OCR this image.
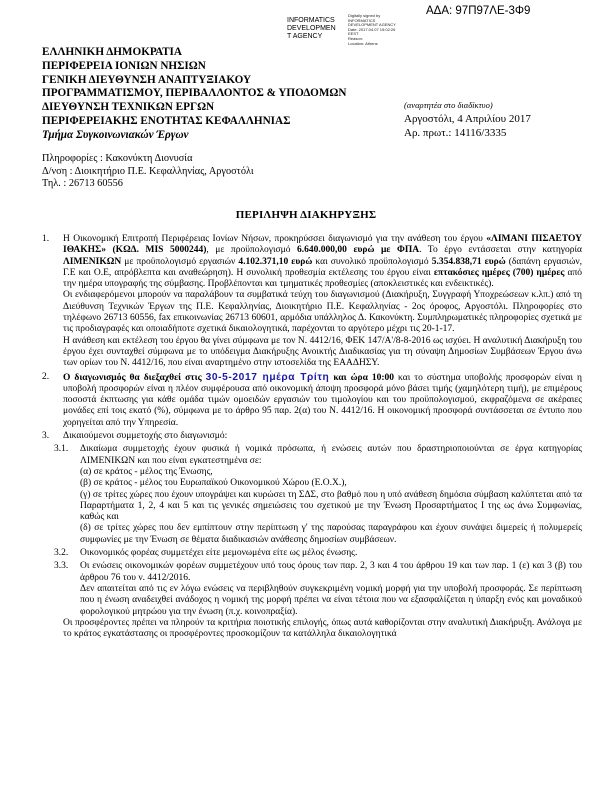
ΑΔΑ: 97Π97ΛΕ-3Φ9
INFORMATICS
DEVELOPMEN
T AGENCY
Digitally signed by
INFORMATICS
DEVELOPMENT AGENCY
Date: 2017.04.07 15:02:26
EEST
Reason:
Location: Athens
ΕΛΛΗΝΙΚΗ ΔΗΜΟΚΡΑΤΙΑ
ΠΕΡΙΦΕΡΕΙΑ ΙΟΝΙΩΝ ΝΗΣΙΩΝ
ΓΕΝΙΚΗ ΔΙΕΥΘΥΝΣΗ ΑΝΑΠΤΥΞΙΑΚΟΥ
ΠΡΟΓΡΑΜΜΑΤΙΣΜΟΥ, ΠΕΡΙΒΑΛΛΟΝΤΟΣ & ΥΠΟΔΟΜΩΝ
ΔΙΕΥΘΥΝΣΗ ΤΕΧΝΙΚΩΝ ΕΡΓΩΝ
ΠΕΡΙΦΕΡΕΙΑΚΗΣ ΕΝΟΤΗΤΑΣ ΚΕΦΑΛΛΗΝΙΑΣ
Τμήμα Συγκοινωνιακών Έργων
(αναρτητέα στο διαδίκτυο)
Αργοστόλι, 4 Απριλίου 2017
Αρ. πρωτ.: 14116/3335
Πληροφορίες : Κακονύκτη Διονυσία
Δ/νση : Διοικητήριο Π.Ε. Κεφαλληνίας, Αργοστόλι
Τηλ. : 26713 60556
ΠΕΡΙΛΗΨΗ ΔΙΑΚΗΡΥΞΗΣ
1. Η Οικονομική Επιτροπή Περιφέρειας Ιονίων Νήσων, προκηρύσσει διαγωνισμό για την ανάθεση του έργου «ΛΙΜΑΝΙ ΠΙΣΑΕΤΟΥ ΙΘΑΚΗΣ» (ΚΩΔ. MIS 5000244), με προϋπολογισμό 6.640.000,00 ευρώ με ΦΠΑ. Το έργο εντάσσεται στην κατηγορία ΛΙΜΕΝΙΚΩΝ με προϋπολογισμό εργασιών 4.102.371,10 ευρώ και συνολικό προϋπολογισμό 5.354.838,71 ευρώ (δαπάνη εργασιών, Γ.Ε και Ο.Ε, απρόβλεπτα και αναθεώρηση). Η συνολική προθεσμία εκτέλεσης του έργου είναι επτακόσιες ημέρες (700) ημέρες από την ημέρα υπογραφής της σύμβασης. Προβλέπονται και τμηματικές προθεσμίες (αποκλειστικές και ενδεικτικές).

Οι ενδιαφερόμενοι μπορούν να παραλάβουν τα συμβατικά τεύχη του διαγωνισμού (Διακήρυξη, Συγγραφή Υποχρεώσεων κ.λπ.) από τη Διεύθυνση Τεχνικών Έργων της Π.Ε. Κεφαλληνίας, Διοικητήριο Π.Ε. Κεφαλληνίας - 2ος όροφος, Αργοστόλι. Πληροφορίες στο τηλέφωνο 26713 60556, fax επικοινωνίας 26713 60601, αρμόδια υπάλληλος Δ. Κακονύκτη. Συμπληρωματικές πληροφορίες σχετικά με τις προδιαγραφές και οποιαδήποτε σχετικά δικαιολογητικά, παρέχονται το αργότερο μέχρι τις 20-1-17.

Η ανάθεση και εκτέλεση του έργου θα γίνει σύμφωνα με τον Ν. 4412/16, ΦΕΚ 147/Α'/8-8-2016 ως ισχύει. Η αναλυτική Διακήρυξη του έργου έχει συνταχθεί σύμφωνα με το υπόδειγμα Διακήρυξης Ανοικτής Διαδικασίας για τη σύναψη Δημοσίων Συμβάσεων Έργου άνω των ορίων του Ν. 4412/16, που είναι αναρτημένο στην ιστοσελίδα της ΕΑΑΔΗΣΥ.

2. Ο διαγωνισμός θα διεξαχθεί στις 30-5-2017 ημέρα Τρίτη και ώρα 10:00 και το σύστημα υποβολής προσφορών είναι η υποβολή προσφορών είναι η πλέον συμφέρουσα από οικονομική άποψη προσφορά μόνο βάσει τιμής (χαμηλότερη τιμή), με επιμέρους ποσοστά έκπτωσης για κάθε ομάδα τιμών ομοειδών εργασιών του τιμολογίου και του προϋπολογισμού, εκφραζόμενα σε ακέραιες μονάδες επί τοις εκατό (%), σύμφωνα με το άρθρο 95 παρ. 2(α) του Ν. 4412/16. Η οικονομική προσφορά συντάσσεται σε έντυπο που χορηγείται από την Υπηρεσία.

3. Δικαιούμενοι συμμετοχής στο διαγωνισμό:

3.1. Δικαίωμα συμμετοχής έχουν φυσικά ή νομικά πρόσωπα, ή ενώσεις αυτών που δραστηριοποιούνται σε έργα κατηγορίας ΛΙΜΕΝΙΚΩΝ και που είναι εγκατεστημένα σε:

(α) σε κράτος - μέλος της Ένωσης,

(β) σε κράτος - μέλος του Ευρωπαϊκού Οικονομικού Χώρου (Ε.Ο.Χ.),

(γ) σε τρίτες χώρες που έχουν υπογράψει και κυρώσει τη ΣΔΣ, στο βαθμό που η υπό ανάθεση δημόσια σύμβαση καλύπτεται από τα Παραρτήματα 1, 2, 4 και 5 και τις γενικές σημειώσεις του σχετικού με την Ένωση Προσαρτήματος Ι της ως άνω Συμφωνίας, καθώς και

(δ) σε τρίτες χώρες που δεν εμπίπτουν στην περίπτωση γ' της παρούσας παραγράφου και έχουν συνάψει διμερείς ή πολυμερείς συμφωνίες με την Ένωση σε θέματα διαδικασιών ανάθεσης δημοσίων συμβάσεων.

3.2. Οικονομικός φορέας συμμετέχει είτε μεμονωμένα είτε ως μέλος ένωσης.

3.3. Οι ενώσεις οικονομικών φορέων συμμετέχουν υπό τους όρους των παρ. 2, 3 και 4 του άρθρου 19 και των παρ. 1 (ε) και 3 (β) του άρθρου 76 του ν. 4412/2016.

Δεν απαιτείται από τις εν λόγω ενώσεις να περιβληθούν συγκεκριμένη νομική μορφή για την υποβολή προσφοράς. Σε περίπτωση που η ένωση αναδειχθεί ανάδοχος η νομική της μορφή πρέπει να είναι τέτοια που να εξασφαλίζεται η ύπαρξη ενός και μοναδικού φορολογικού μητρώου για την ένωση (π.χ. κοινοπραξία).

Οι προσφέροντες πρέπει να πληρούν τα κριτήρια ποιοτικής επιλογής, όπως αυτά καθορίζονται στην αναλυτική Διακήρυξη. Ανάλογα με το κράτος εγκατάστασης οι προσφέροντες προσκομίζουν τα κατάλληλα δικαιολογητικά
